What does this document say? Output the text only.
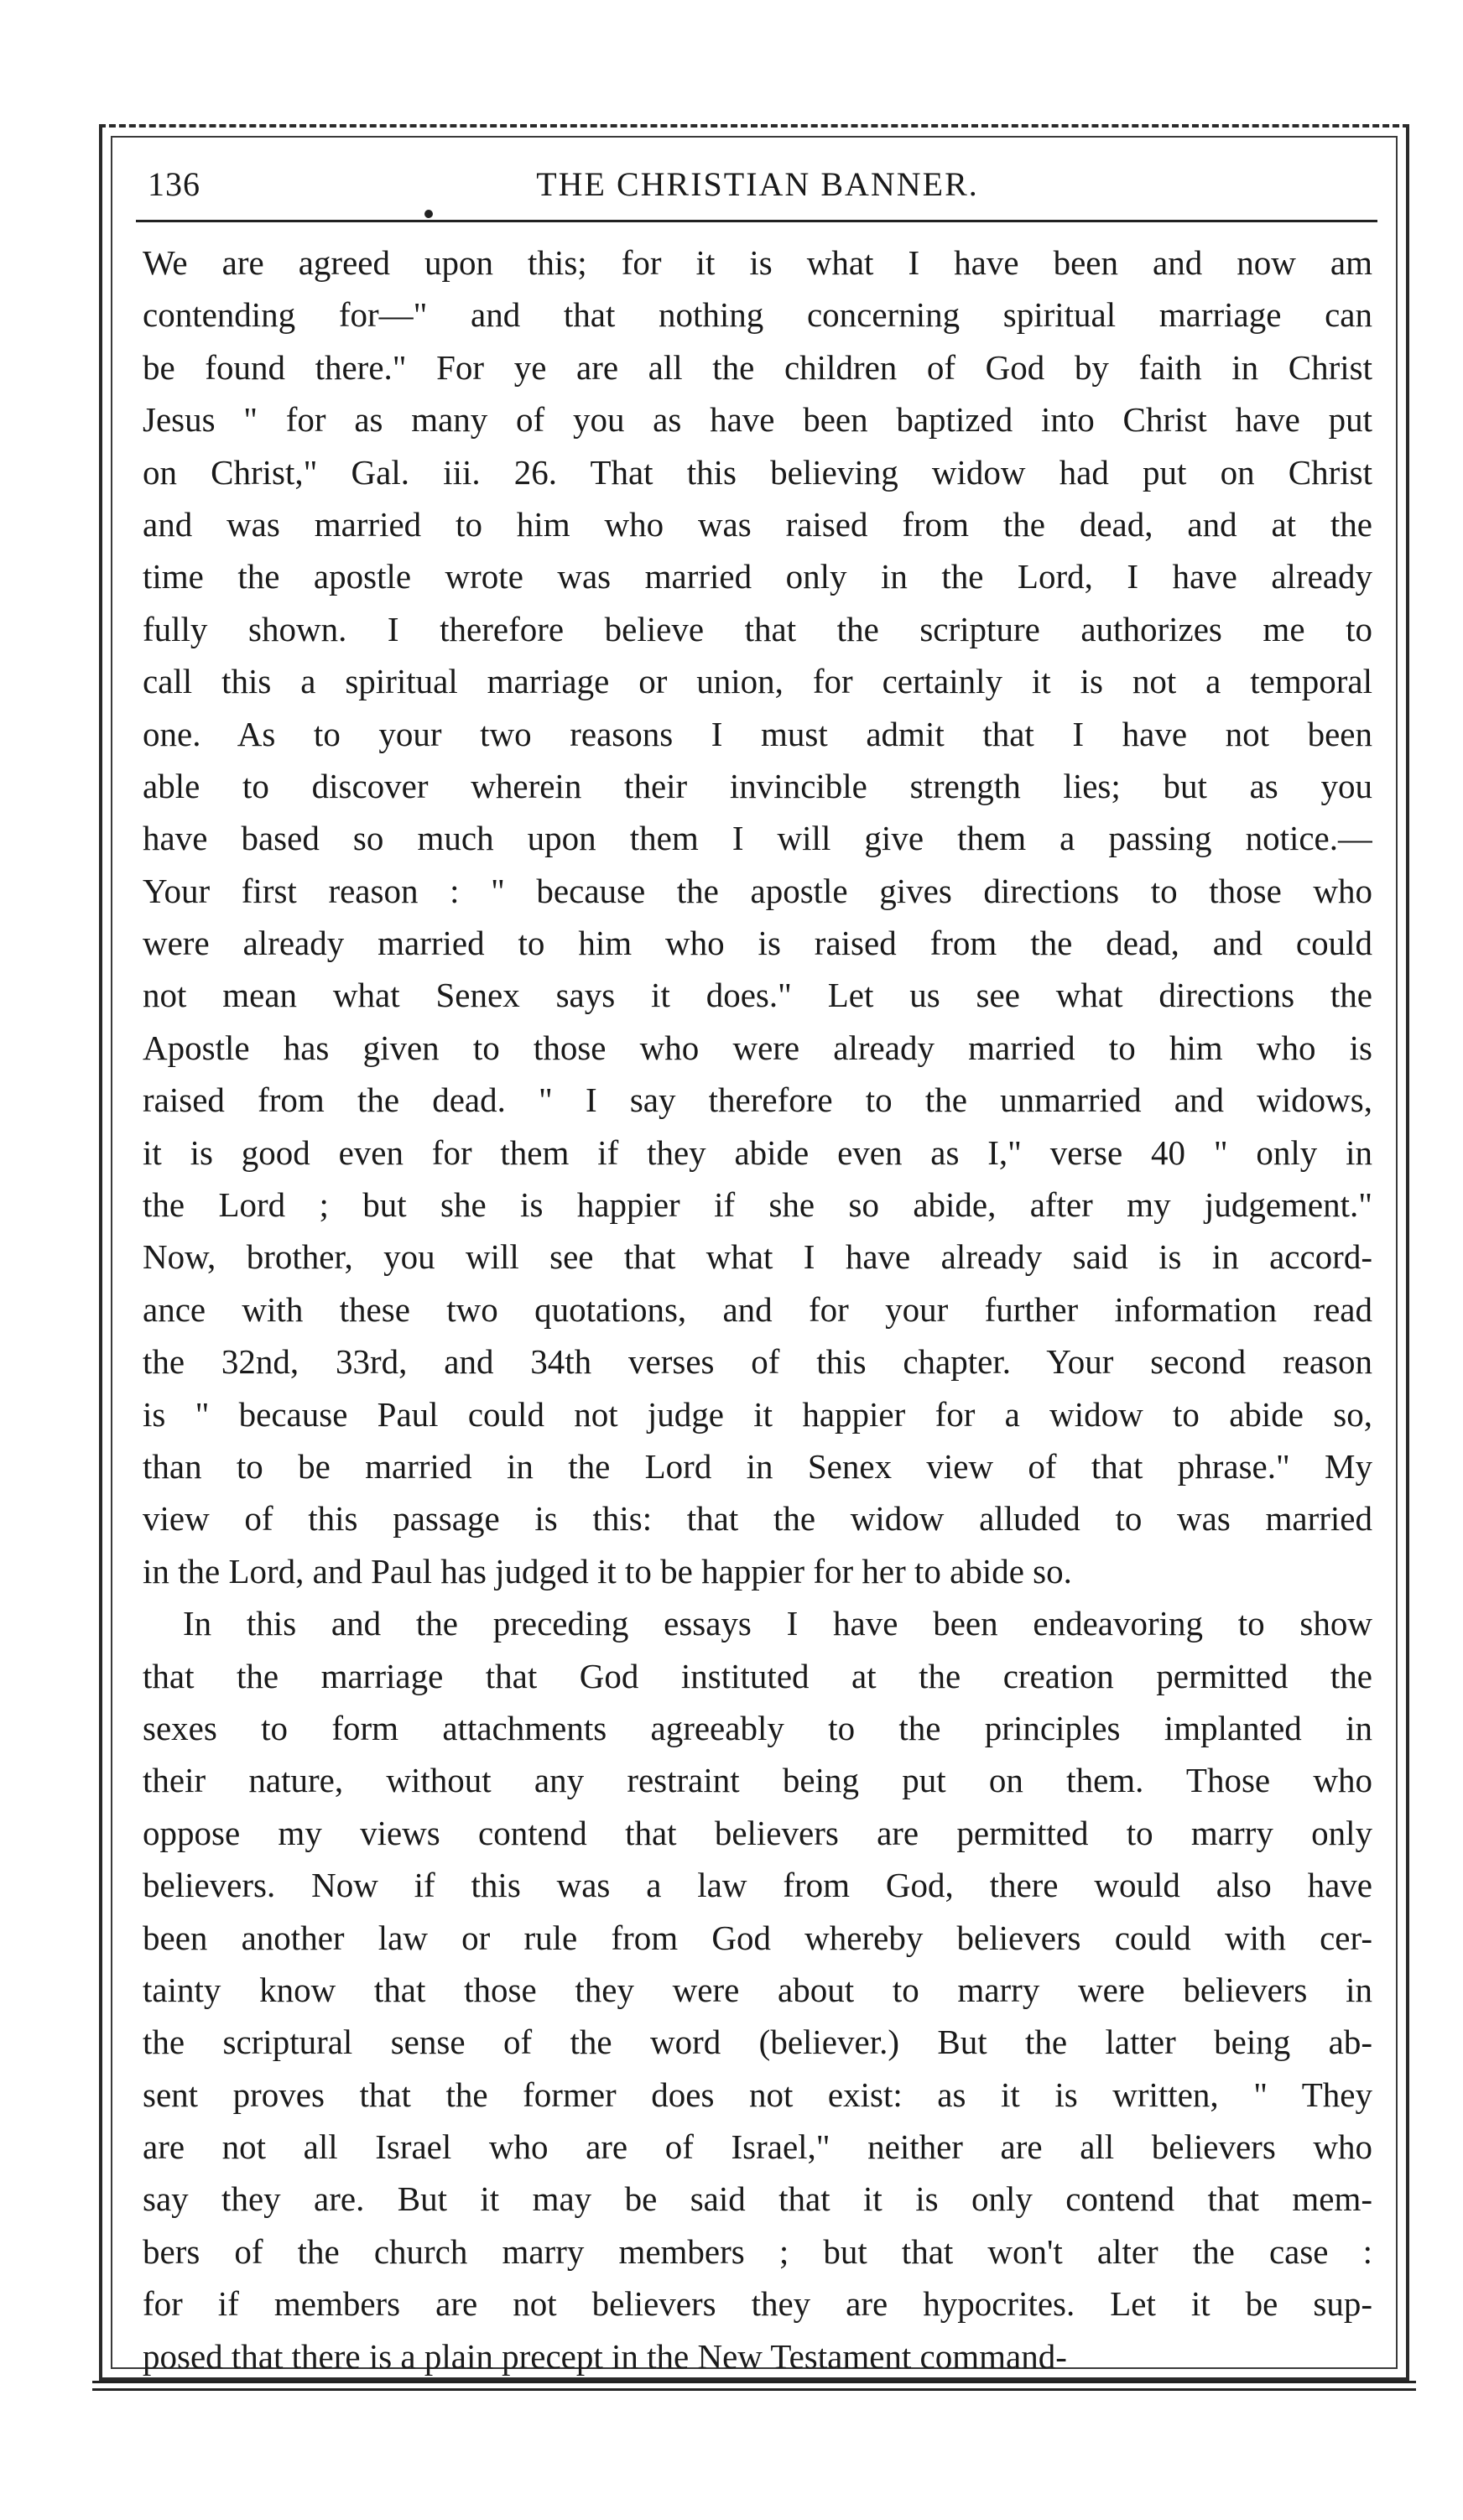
136	THE CHRISTIAN BANNER.
We are agreed upon this; for it is what I have been and now am
contending for—" and that nothing concerning spiritual marriage can
be found there." For ye are all the children of God by faith in Christ
Jesus " for as many of you as have been baptized into Christ have put
on Christ," Gal. iii. 26. That this believing widow had put on Christ
and was married to him who was raised from the dead, and at the
time the apostle wrote was married only in the Lord, I have already
fully shown. I therefore believe that the scripture authorizes me to
call this a spiritual marriage or union, for certainly it is not a temporal
one. As to your two reasons I must admit that I have not been
able to discover wherein their invincible strength lies; but as you
have based so much upon them I will give them a passing notice.—
Your first reason : " because the apostle gives directions to those who
were already married to him who is raised from the dead, and could
not mean what Senex says it does." Let us see what directions the
Apostle has given to those who were already married to him who is
raised from the dead. " I say therefore to the unmarried and widows,
it is good even for them if they abide even as I," verse 40 " only in
the Lord ; but she is happier if she so abide, after my judgement."
Now, brother, you will see that what I have already said is in accord-
ance with these two quotations, and for your further information read
the 32nd, 33rd, and 34th verses of this chapter. Your second reason
is " because Paul could not judge it happier for a widow to abide so,
than to be married in the Lord in Senex view of that phrase." My
view of this passage is this: that the widow alluded to was married
in the Lord, and Paul has judged it to be happier for her to abide so.
In this and the preceding essays I have been endeavoring to show
that the marriage that God instituted at the creation permitted the
sexes to form attachments agreeably to the principles implanted in
their nature, without any restraint being put on them. Those who
oppose my views contend that believers are permitted to marry only
believers. Now if this was a law from God, there would also have
been another law or rule from God whereby believers could with cer-
tainty know that those they were about to marry were believers in
the scriptural sense of the word (believer.) But the latter being ab-
sent proves that the former does not exist: as it is written, " They
are not all Israel who are of Israel," neither are all believers who
say they are. But it may be said that it is only contend that mem-
bers of the church marry members ; but that won't alter the case :
for if members are not believers they are hypocrites. Let it be sup-
posed that there is a plain precept in the New Testament command-
